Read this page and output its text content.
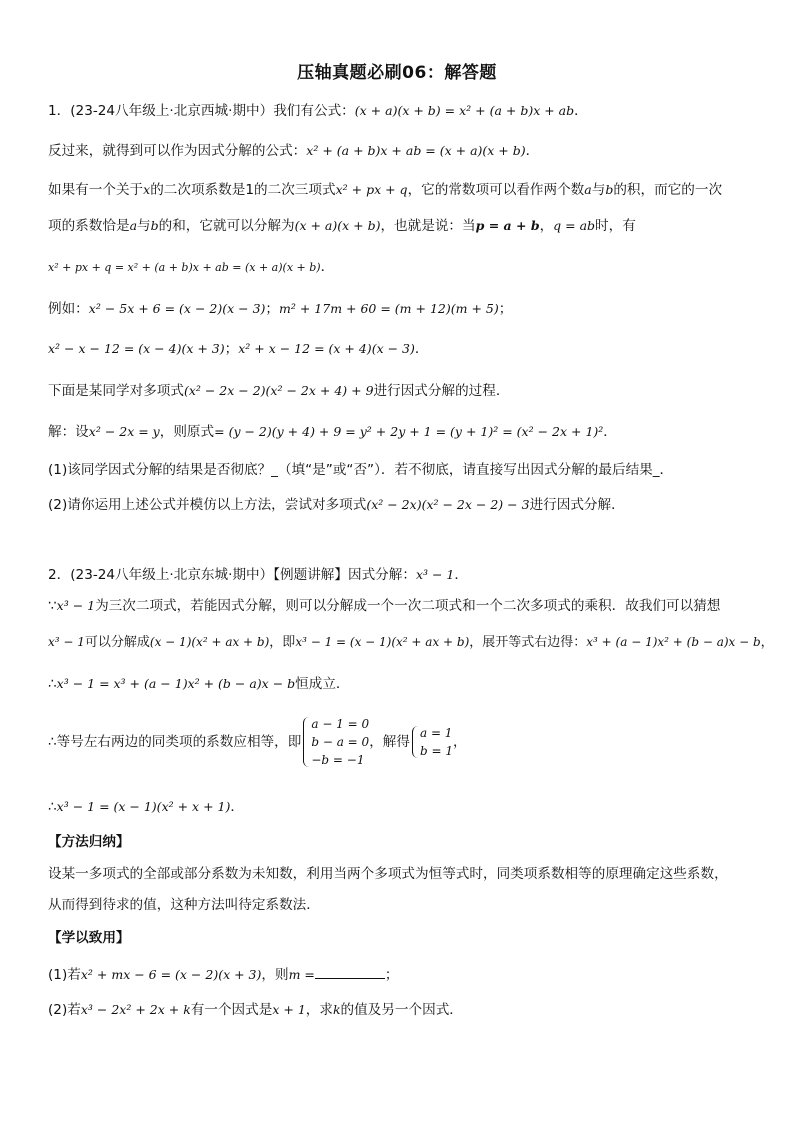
压轴真题必刷06：解答题
1．(23-24八年级上·北京西城·期中）我们有公式：(x + a)(x + b) = x² + (a + b)x + ab．
反过来，就得到可以作为因式分解的公式：x² + (a + b)x + ab = (x + a)(x + b)．
如果有一个关于x的二次项系数是1的二次三项式x² + px + q，它的常数项可以看作两个数a与b的积，而它的一次
项的系数恰是a与b的和，它就可以分解为(x + a)(x + b)，也就是说：当p = a + b，q = ab时，有
x² + px + q = x² + (a + b)x + ab = (x + a)(x + b)．
例如：x² − 5x + 6 = (x − 2)(x − 3)；m² + 17m + 60 = (m + 12)(m + 5)；
x² − x − 12 = (x − 4)(x + 3)；x² + x − 12 = (x + 4)(x − 3)．
下面是某同学对多项式(x² − 2x − 2)(x² − 2x + 4) + 9进行因式分解的过程．
解：设x² − 2x = y，则原式= (y − 2)(y + 4) + 9 = y² + 2y + 1 = (y + 1)² = (x² − 2x + 1)²．
(1)该同学因式分解的结果是否彻底？_（填“是”或“否”）．若不彻底，请直接写出因式分解的最后结果_．
(2)请你运用上述公式并模仿以上方法，尝试对多项式(x² − 2x)(x² − 2x − 2) − 3进行因式分解．
2．(23-24八年级上·北京东城·期中）【例题讲解】因式分解：x³ − 1．
∵x³ − 1为三次二项式，若能因式分解，则可以分解成一个一次二项式和一个二次多项式的乘积．故我们可以猜想
x³ − 1可以分解成(x − 1)(x² + ax + b)，即x³ − 1 = (x − 1)(x² + ax + b)，展开等式右边得：x³ + (a − 1)x² + (b − a)x − b，
∴x³ − 1 = x³ + (a − 1)x² + (b − a)x − b恒成立．
∴等号左右两边的同类项的系数应相等，即
a − 1 = 0
b − a = 0
−b = −1
，解得
a = 1
b = 1
，
∴x³ − 1 = (x − 1)(x² + x + 1)．
【方法归纳】
设某一多项式的全部或部分系数为未知数，利用当两个多项式为恒等式时，同类项系数相等的原理确定这些系数，
从而得到待求的值，这种方法叫待定系数法．
【学以致用】
(1)若x² + mx − 6 = (x − 2)(x + 3)，则m =	；
(2)若x³ − 2x² + 2x + k有一个因式是x + 1，求k的值及另一个因式．
